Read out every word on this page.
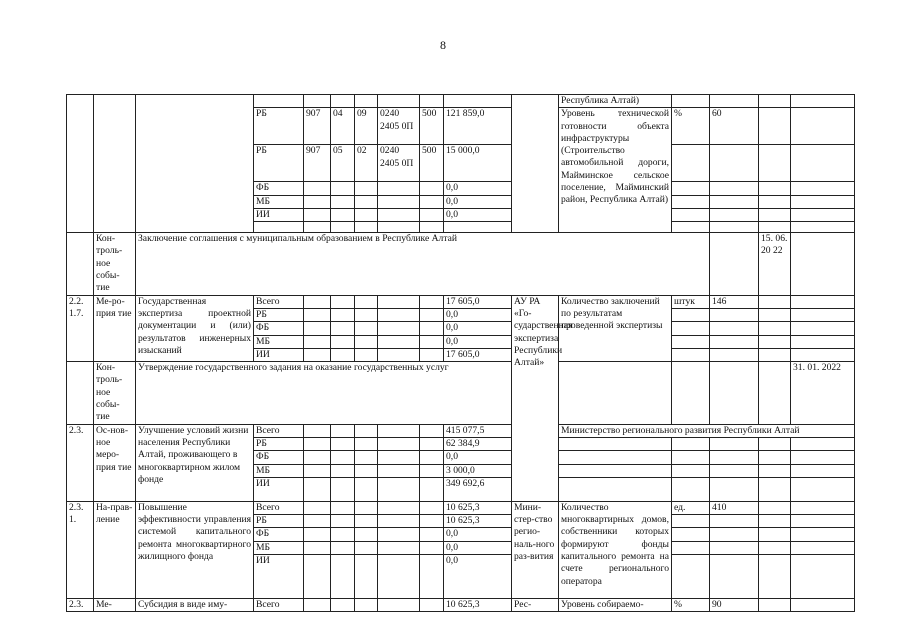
8
											Республика Алтай)				
			РБ	907	04	09	0240 2405 0П	500	121 859,0		Уровень технической готовности объекта инфраструктуры (Строительство автомобильной дороги, Майминское сельское поселение, Майминский район, Республика Алтай)	%	60		
			РБ	907	05	02	0240 2405 0П	500	15 000,0						
			ФБ						0,0						
			МБ						0,0						
			ИИ						0,0						

	Кон-троль-ное собы-тие	Заключение соглашения с муниципальным образованием в Республике Алтай												15. 06. 20 22	
2.2. 1.7.	Ме-ро-прия тие	Государственная экспертиза проектной документации и (или) результатов инженерных изысканий	Всего						17 605,0	АУ РА «Го-сударственная экспертиза Республики Алтай»	Количество заключений по результатам проведенной экспертизы	штук	146		
			РБ						0,0						
			ФБ						0,0						
			МБ						0,0						
			ИИ						17 605,0						
	Кон-троль-ное собы-тие	Утверждение государственного задания на оказание государственных услуг													31. 01. 2022
2.3.	Ос-нов-ное меро-прия тие	Улучшение условий жизни населения Республики Алтай, проживающего в многоквартирном жилом фонде	Всего						415 077,5		Министерство регионального развития Республики Алтай				
			РБ						62 384,9						
			ФБ						0,0						
			МБ						3 000,0						
			ИИ						349 692,6						
2.3. 1.	На-прав-ление	Повышение эффективности управления системой капитального ремонта многоквартирного жилищного фонда	Всего						10 625,3	Мини-стер-ство регио-наль-ного раз-вития	Количество многоквартирных домов, собственники которых формируют фонды капитального ремонта на счете регионального оператора	ед.	410		
			РБ						10 625,3						
			ФБ						0,0						
			МБ						0,0						
			ИИ						0,0						
2.3.	Ме-	Субсидия в виде иму-	Всего						10 625,3	Рес-	Уровень собираемо-	%	90		
